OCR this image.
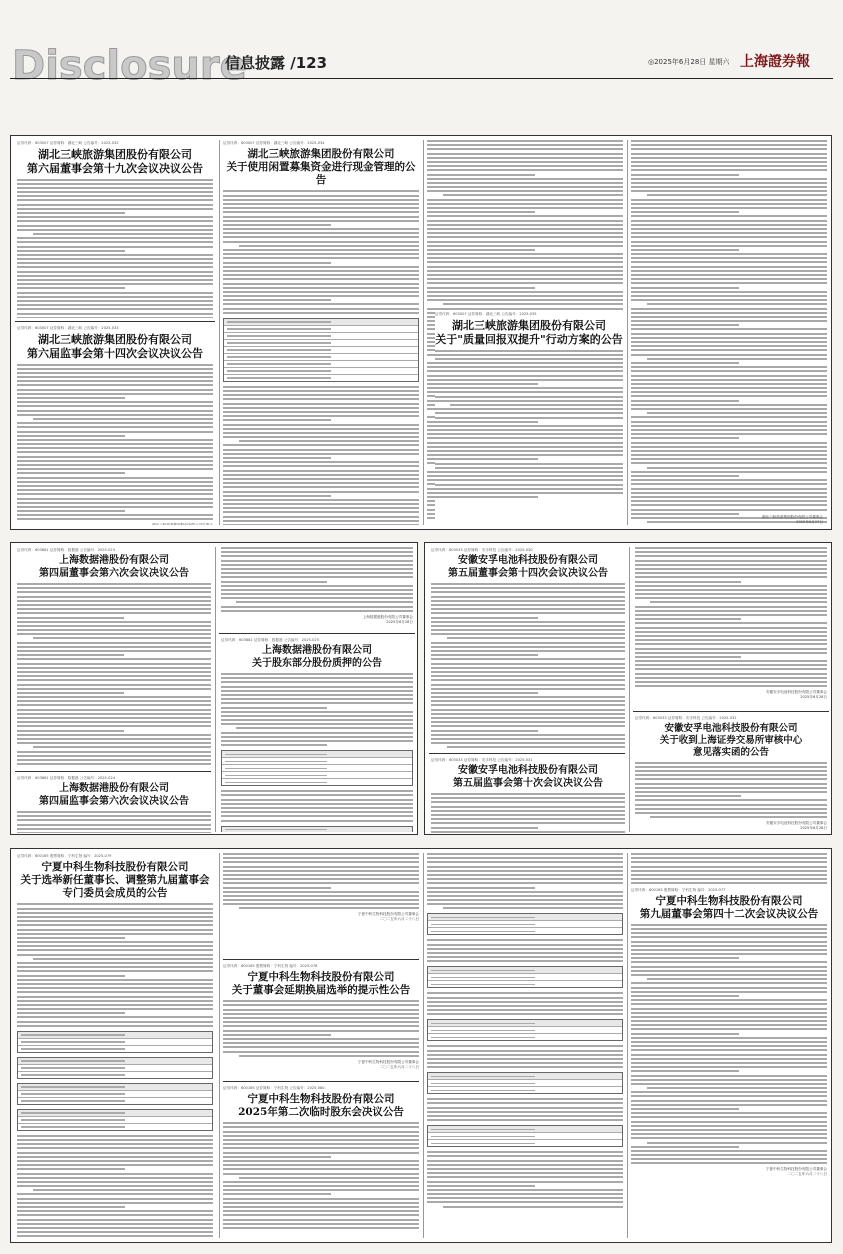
Disclosure
信息披露 /123	◎2025年6月28日 星期六 上海證券報
证券代码：603007 证券简称：湖北三峡 公告编号：2025-032
湖北三峡旅游集团股份有限公司
第六届董事会第十九次会议决议公告
证券代码：603007 证券简称：湖北三峡 公告编号：2025-033
湖北三峡旅游集团股份有限公司
第六届监事会第十四次会议决议公告
证券代码：603007 证券简称：湖北三峡 公告编号：2025-034
湖北三峡旅游集团股份有限公司
关于使用闲置募集资金进行现金管理的公告
证券代码：603007 证券简称：湖北三峡 公告编号：2025-035
湖北三峡旅游集团股份有限公司
关于"质量回报双提升"行动方案的公告
湖北三峡旅游集团股份有限公司董事会
2025年6月27日
证券代码：603881 证券简称：数据港 公告编号：2025-023
上海数据港股份有限公司
第四届董事会第六次会议决议公告
证券代码：603881 证券简称：数据港 公告编号：2025-024
上海数据港股份有限公司
第四届监事会第六次会议决议公告
上海数据港股份有限公司董事会
2025年6月28日
证券代码：603881 证券简称：数据港 公告编号：2025-025
上海数据港股份有限公司
关于股东部分股份质押的公告
证券代码：603033 证券简称：安孚科技 公告编号：2025-030
安徽安孚电池科技股份有限公司
第五届董事会第十四次会议决议公告
证券代码：603033 证券简称：安孚科技 公告编号：2025-031
安徽安孚电池科技股份有限公司
第五届监事会第十次会议决议公告
安徽安孚电池科技股份有限公司董事会
2025年6月28日
证券代码：603033 证券简称：安孚科技 公告编号：2025-032
安徽安孚电池科技股份有限公司
关于收到上海证券交易所审核中心
意见落实函的公告
安徽安孚电池科技股份有限公司董事会
2025年6月28日
证券代码：600165 股票简称：宁科生物 编号：2025-079
宁夏中科生物科技股份有限公司
关于选举新任董事长、调整第九届董事会
专门委员会成员的公告
宁夏中科生物科技股份有限公司董事会
二〇二五年六月二十八日
证券代码：600165 股票简称：宁科生物 编号：2025-078
宁夏中科生物科技股份有限公司
关于董事会延期换届选举的提示性公告
宁夏中科生物科技股份有限公司董事会
二〇二五年六月二十八日
证券代码：600165 证券简称：宁科生物 公告编号：2025-080
宁夏中科生物科技股份有限公司
2025年第二次临时股东会决议公告
证券代码：600165 股票简称：宁科生物 编号：2025-077
宁夏中科生物科技股份有限公司
第九届董事会第四十二次会议决议公告
宁夏中科生物科技股份有限公司董事会
二〇二五年六月二十八日
